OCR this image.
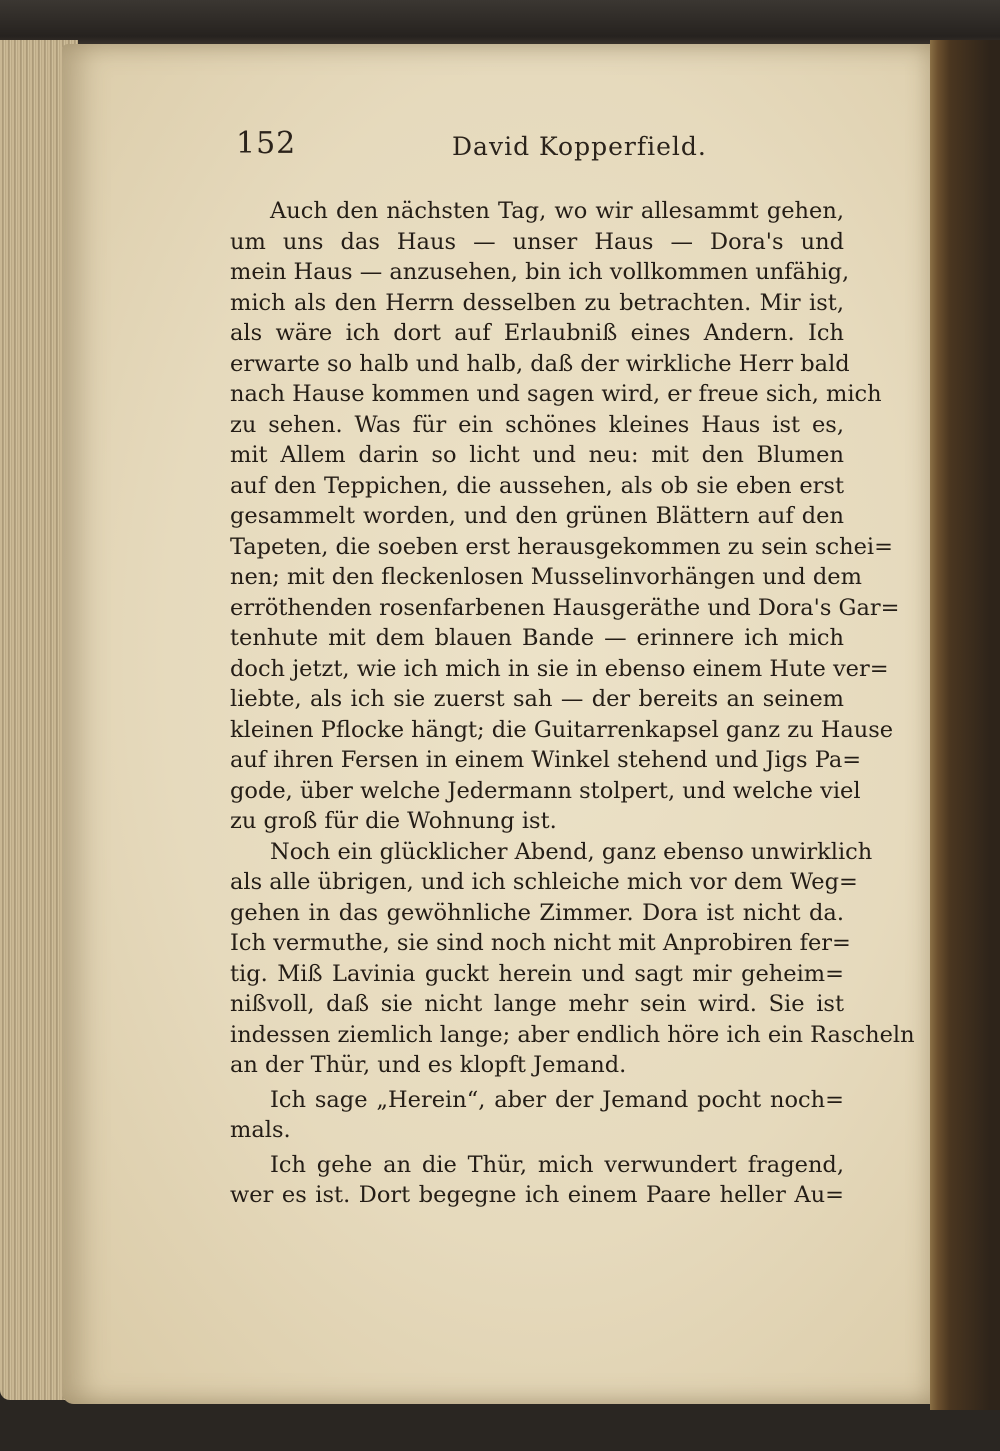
152	David Kopperfield.
Auch den nächsten Tag, wo wir allesammt gehen,
um uns das Haus — unser Haus — Dora's und
mein Haus — anzusehen, bin ich vollkommen unfähig,
mich als den Herrn desselben zu betrachten. Mir ist,
als wäre ich dort auf Erlaubniß eines Andern. Ich
erwarte so halb und halb, daß der wirkliche Herr bald
nach Hause kommen und sagen wird, er freue sich, mich
zu sehen. Was für ein schönes kleines Haus ist es,
mit Allem darin so licht und neu: mit den Blumen
auf den Teppichen, die aussehen, als ob sie eben erst
gesammelt worden, und den grünen Blättern auf den
Tapeten, die soeben erst herausgekommen zu sein schei=
nen; mit den fleckenlosen Musselinvorhängen und dem
erröthenden rosenfarbenen Hausgeräthe und Dora's Gar=
tenhute mit dem blauen Bande — erinnere ich mich
doch jetzt, wie ich mich in sie in ebenso einem Hute ver=
liebte, als ich sie zuerst sah — der bereits an seinem
kleinen Pflocke hängt; die Guitarrenkapsel ganz zu Hause
auf ihren Fersen in einem Winkel stehend und Jigs Pa=
gode, über welche Jedermann stolpert, und welche viel
zu groß für die Wohnung ist.
Noch ein glücklicher Abend, ganz ebenso unwirklich
als alle übrigen, und ich schleiche mich vor dem Weg=
gehen in das gewöhnliche Zimmer. Dora ist nicht da.
Ich vermuthe, sie sind noch nicht mit Anprobiren fer=
tig. Miß Lavinia guckt herein und sagt mir geheim=
nißvoll, daß sie nicht lange mehr sein wird. Sie ist
indessen ziemlich lange; aber endlich höre ich ein Rascheln
an der Thür, und es klopft Jemand.
Ich sage „Herein“, aber der Jemand pocht noch=
mals.
Ich gehe an die Thür, mich verwundert fragend,
wer es ist. Dort begegne ich einem Paare heller Au=
